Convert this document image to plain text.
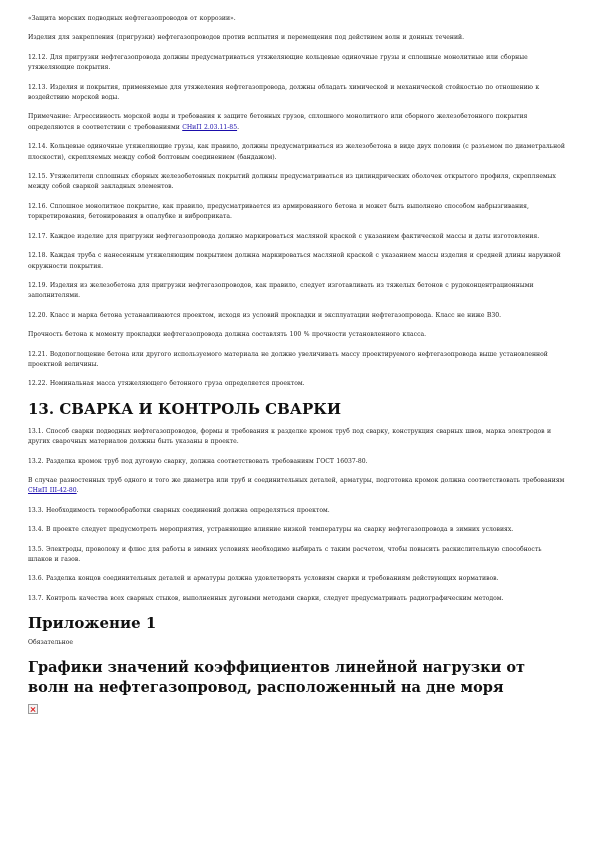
«Защита морских подводных нефтегазопроводов от коррозии».

Изделия для закрепления (пригрузки) нефтегазопроводов против всплытия и перемещения под действием волн и донных течений.

12.12. Для пригрузки нефтегазопровода должны предусматриваться утяжеляющие кольцевые одиночные грузы и сплошные монолитные или сборные утяжеляющие покрытия.

12.13. Изделия и покрытия, применяемые для утяжеления нефтегазопровода, должны обладать химической и механической стойкостью по отношению к воздействию морской воды.

Примечание: Агрессивность морской воды и требования к защите бетонных грузов, сплошного монолитного или сборного железобетонного покрытия определяются в соответствии с требованиями СНиП 2.03.11-85.

12.14. Кольцевые одиночные утяжеляющие грузы, как правило, должны предусматриваться из железобетона в виде двух половин (с разъемом по диаметральной плоскости), скрепляемых между собой болтовым соединением (бандажом).

12.15. Утяжелители сплошных сборных железобетонных покрытий должны предусматриваться из цилиндрических оболочек открытого профиля, скрепляемых между собой сваркой закладных элементов.

12.16. Сплошное монолитное покрытие, как правило, предусматривается из армированного бетона и может быть выполнено способом набрызгивания, торкретирования, бетонирования в опалубке и виброприката.

12.17. Каждое изделие для пригрузки нефтегазопровода должно маркироваться масляной краской с указанием фактической массы и даты изготовления.

12.18. Каждая труба с нанесенным утяжеляющим покрытием должна маркироваться масляной краской с указанием массы изделия и средней длины наружной окружности покрытия.

12.19. Изделия из железобетона для пригрузки нефтегазопроводов, как правило, следует изготавливать из тяжелых бетонов с рудоконцентрационными заполнителями.

12.20. Класс и марка бетона устанавливаются проектом, исходя из условий прокладки и эксплуатации нефтегазопровода. Класс не ниже В30.

Прочность бетона к моменту прокладки нефтегазопровода должна составлять 100 % прочности установленного класса.

12.21. Водопоглощение бетона или другого используемого материала не должно увеличивать массу проектируемого нефтегазопровода выше установленной проектной величины.

12.22. Номинальная масса утяжеляющего бетонного груза определяется проектом.

13. СВАРКА И КОНТРОЛЬ СВАРКИ

13.1. Способ сварки подводных нефтегазопроводов, формы и требования к разделке кромок труб под сварку, конструкция сварных швов, марка электродов и других сварочных материалов должны быть указаны в проекте.

13.2. Разделка кромок труб под дуговую сварку, должна соответствовать требованиям ГОСТ 16037-80.

В случае разностенных труб одного и того же диаметра или труб и соединительных деталей, арматуры, подготовка кромок должна соответствовать требованиям СНиП III-42-80.

13.3. Необходимость термообработки сварных соединений должна определяться проектом.

13.4. В проекте следует предусмотреть мероприятия, устраняющие влияние низкой температуры на сварку нефтегазопровода в зимних условиях.

13.5. Электроды, проволоку и флюс для работы в зимних условиях необходимо выбирать с таким расчетом, чтобы повысить раскислительную способность шлаков и газов.

13.6. Разделка концов соединительных деталей и арматуры должна удовлетворять условиям сварки и требованиям действующих нормативов.

13.7. Контроль качества всех сварных стыков, выполненных дуговыми методами сварки, следует предусматривать радиографическим методом.

Приложение 1

Обязательное

Графики значений коэффициентов линейной нагрузки от волн на нефтегазопровод, расположенный на дне моря
